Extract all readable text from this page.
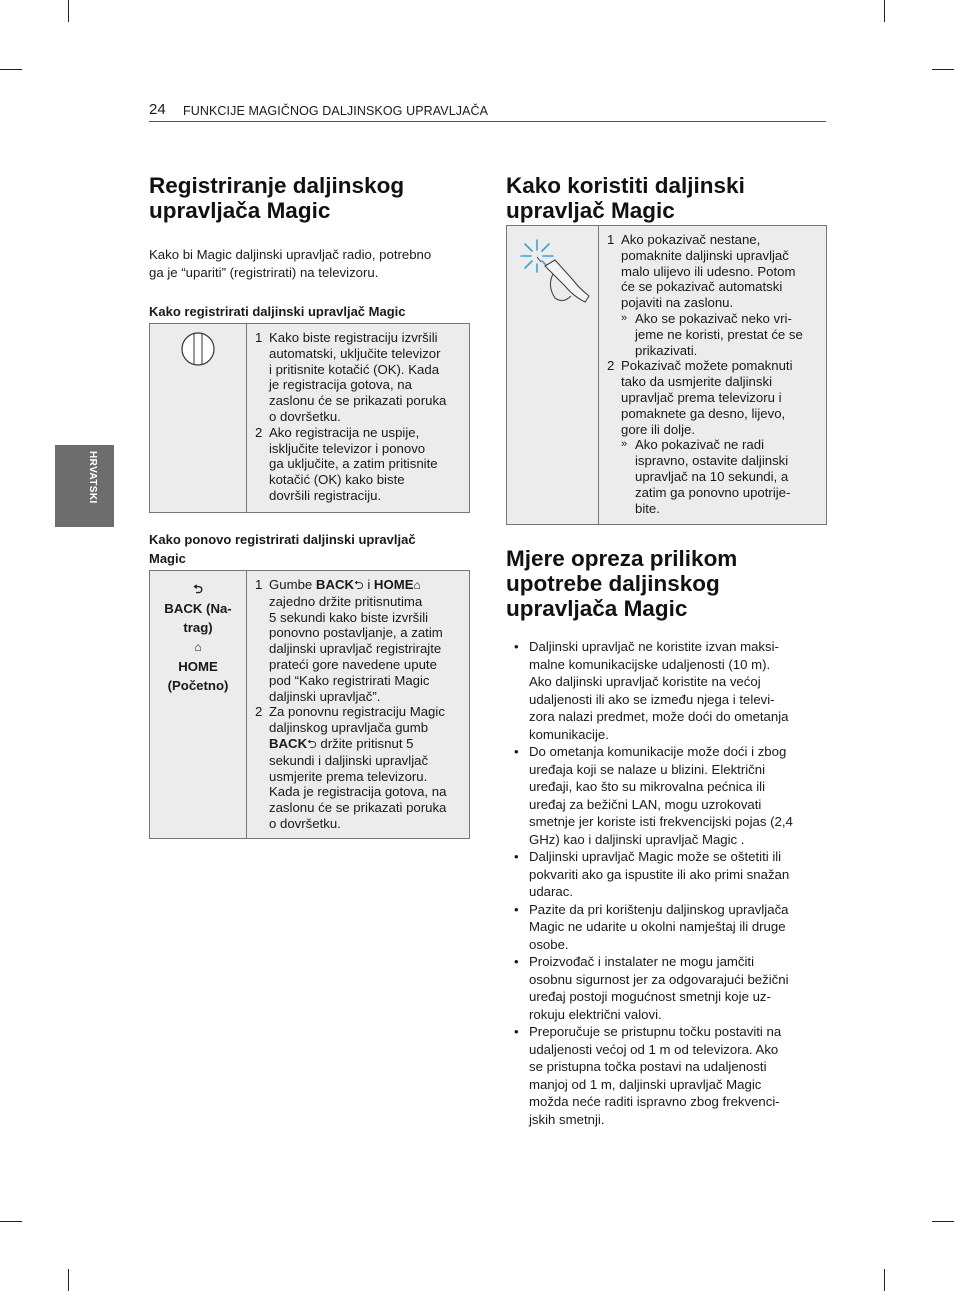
24 FUNKCIJE MAGIČNOG DALJINSKOG UPRAVLJAČA
HRVATSKI
Registriranje daljinskog
upravljača Magic
Kako bi Magic daljinski upravljač radio, potrebno
ga je “upariti” (registrirati) na televizoru.
Kako registrirati daljinski upravljač Magic

1 Kako biste registraciju izvršili
automatski, uključite televizor
i pritisnite kotačić (OK). Kada
je registracija gotova, na
zaslonu će se prikazati poruka
o dovršetku.
2 Ako registracija ne uspije,
isključite televizor i ponovo
ga uključite, a zatim pritisnite
kotačić (OK) kako biste
dovršili registraciju.
Kako ponovo registrirati daljinski upravljač
Magic
⮌
BACK (Na-
trag)
⌂
HOME
(Početno)

1 Gumbe BACK⮌ i HOME⌂
zajedno držite pritisnutima
5 sekundi kako biste izvršili
ponovno postavljanje, a zatim
daljinski upravljač registrirajte
prateći gore navedene upute
pod “Kako registrirati Magic
daljinski upravljač”.
2 Za ponovnu registraciju Magic
daljinskog upravljača gumb
BACK⮌ držite pritisnut 5
sekundi i daljinski upravljač
usmjerite prema televizoru.
Kada je registracija gotova, na
zaslonu će se prikazati poruka
o dovršetku.
Kako koristiti daljinski
upravljač Magic

1 Ako pokazivač nestane,
pomaknite daljinski upravljač
malo ulijevo ili udesno. Potom
će se pokazivač automatski
pojaviti na zaslonu.
» Ako se pokazivač neko vri-
jeme ne koristi, prestat će se
prikazivati.
2 Pokazivač možete pomaknuti
tako da usmjerite daljinski
upravljač prema televizoru i
pomaknete ga desno, lijevo,
gore ili dolje.
» Ako pokazivač ne radi
ispravno, ostavite daljinski
upravljač na 10 sekundi, a
zatim ga ponovno upotrije-
bite.
Mjere opreza prilikom
upotrebe daljinskog
upravljača Magic
• Daljinski upravljač ne koristite izvan maksi-
malne komunikacijske udaljenosti (10 m).
Ako daljinski upravljač koristite na većoj
udaljenosti ili ako se između njega i televi-
zora nalazi predmet, može doći do ometanja
komunikacije.
• Do ometanja komunikacije može doći i zbog
uređaja koji se nalaze u blizini. Električni
uređaji, kao što su mikrovalna pećnica ili
uređaj za bežični LAN, mogu uzrokovati
smetnje jer koriste isti frekvencijski pojas (2,4
GHz) kao i daljinski upravljač Magic .
• Daljinski upravljač Magic može se oštetiti ili
pokvariti ako ga ispustite ili ako primi snažan
udarac.
• Pazite da pri korištenju daljinskog upravljača
Magic ne udarite u okolni namještaj ili druge
osobe.
• Proizvođač i instalater ne mogu jamčiti
osobnu sigurnost jer za odgovarajući bežični
uređaj postoji mogućnost smetnji koje uz-
rokuju električni valovi.
• Preporučuje se pristupnu točku postaviti na
udaljenosti većoj od 1 m od televizora. Ako
se pristupna točka postavi na udaljenosti
manjoj od 1 m, daljinski upravljač Magic
možda neće raditi ispravno zbog frekvenci-
jskih smetnji.
